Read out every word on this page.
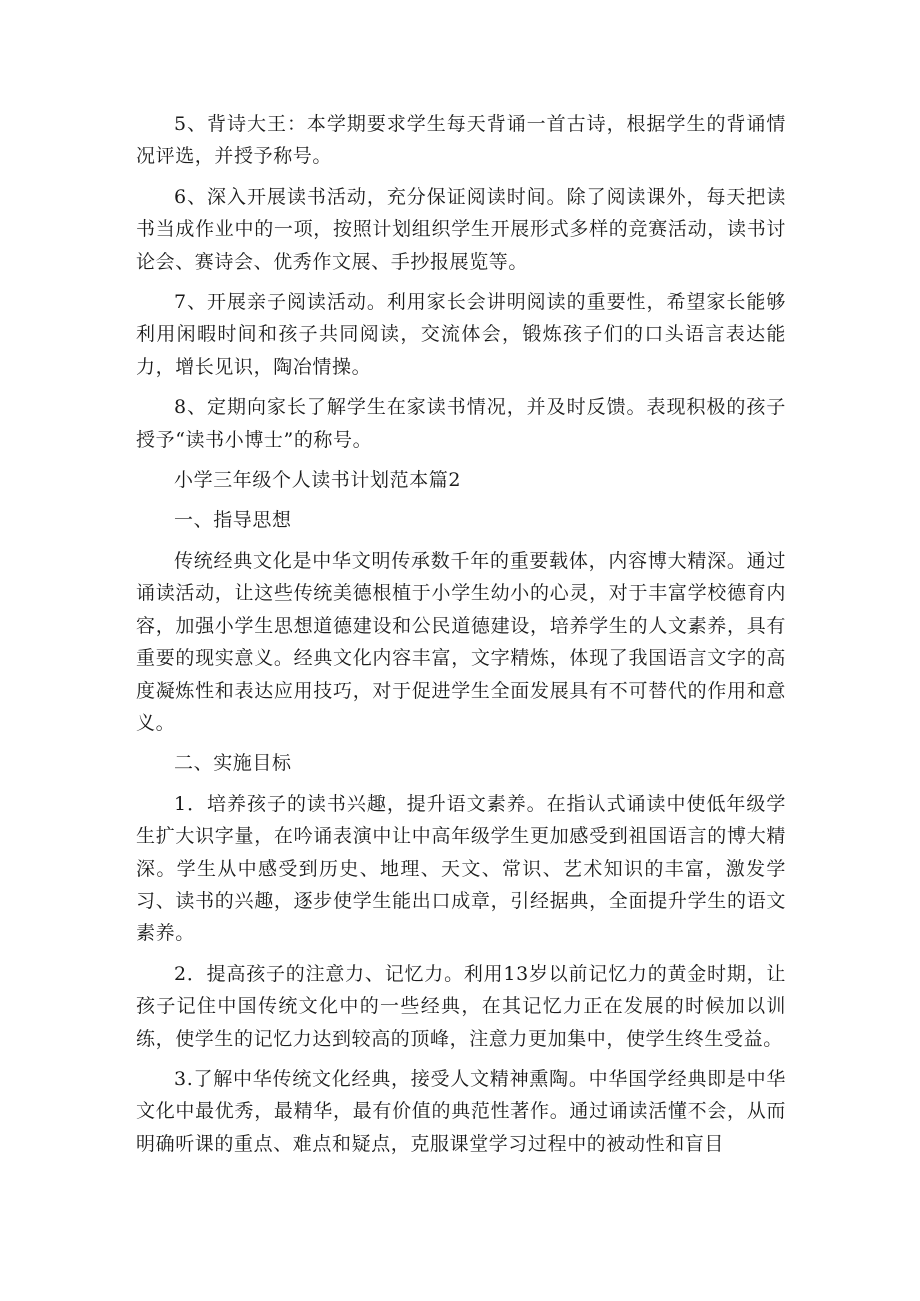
5、背诗大王：本学期要求学生每天背诵一首古诗，根据学生的背诵情况评选，并授予称号。

6、深入开展读书活动，充分保证阅读时间。除了阅读课外，每天把读书当成作业中的一项，按照计划组织学生开展形式多样的竞赛活动，读书讨论会、赛诗会、优秀作文展、手抄报展览等。

7、开展亲子阅读活动。利用家长会讲明阅读的重要性，希望家长能够利用闲暇时间和孩子共同阅读，交流体会，锻炼孩子们的口头语言表达能力，增长见识，陶冶情操。

8、定期向家长了解学生在家读书情况，并及时反馈。表现积极的孩子授予“读书小博士”的称号。

小学三年级个人读书计划范本篇2

一、指导思想

传统经典文化是中华文明传承数千年的重要载体，内容博大精深。通过诵读活动，让这些传统美德根植于小学生幼小的心灵，对于丰富学校德育内容，加强小学生思想道德建设和公民道德建设，培养学生的人文素养，具有重要的现实意义。经典文化内容丰富，文字精炼，体现了我国语言文字的高度凝炼性和表达应用技巧，对于促进学生全面发展具有不可替代的作用和意义。

二、实施目标

1．培养孩子的读书兴趣，提升语文素养。在指认式诵读中使低年级学生扩大识字量，在吟诵表演中让中高年级学生更加感受到祖国语言的博大精深。学生从中感受到历史、地理、天文、常识、艺术知识的丰富，激发学习、读书的兴趣，逐步使学生能出口成章，引经据典，全面提升学生的语文素养。

2．提高孩子的注意力、记忆力。利用13岁以前记忆力的黄金时期，让孩子记住中国传统文化中的一些经典，在其记忆力正在发展的时候加以训练，使学生的记忆力达到较高的顶峰，注意力更加集中，使学生终生受益。

3.了解中华传统文化经典，接受人文精神熏陶。中华国学经典即是中华文化中最优秀，最精华，最有价值的典范性著作。通过诵读活懂不会，从而明确听课的重点、难点和疑点，克服课堂学习过程中的被动性和盲目
